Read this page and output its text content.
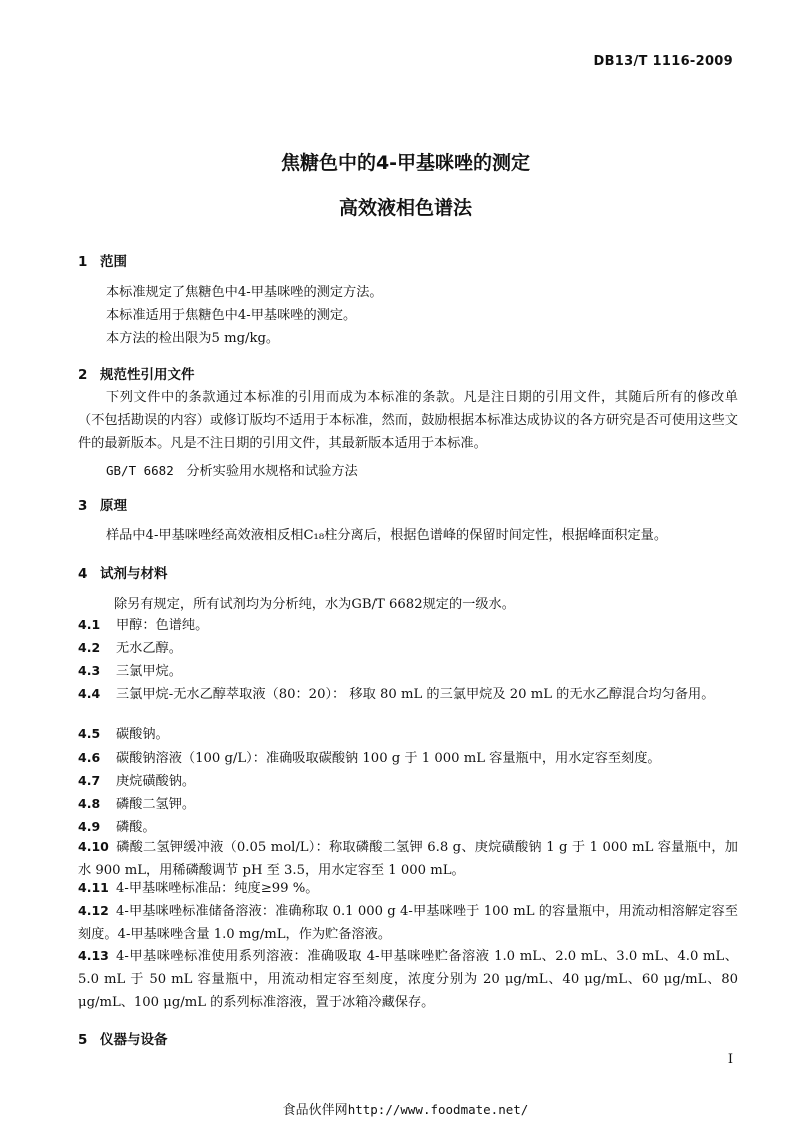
DB13/T 1116-2009
焦糖色中的4-甲基咪唑的测定
高效液相色谱法
1 范围
本标准规定了焦糖色中4-甲基咪唑的测定方法。
本标准适用于焦糖色中4-甲基咪唑的测定。
本方法的检出限为5 mg/kg。
2 规范性引用文件
下列文件中的条款通过本标准的引用而成为本标准的条款。凡是注日期的引用文件，其随后所有的修改单（不包括勘误的内容）或修订版均不适用于本标准，然而，鼓励根据本标准达成协议的各方研究是否可使用这些文件的最新版本。凡是不注日期的引用文件，其最新版本适用于本标准。
GB/T 6682 分析实验用水规格和试验方法
3 原理
样品中4-甲基咪唑经高效液相反相C₁₈柱分离后，根据色谱峰的保留时间定性，根据峰面积定量。
4 试剂与材料
除另有规定，所有试剂均为分析纯，水为GB/T 6682规定的一级水。
4.1 甲醇：色谱纯。
4.2 无水乙醇。
4.3 三氯甲烷。
4.4 三氯甲烷-无水乙醇萃取液（80：20）： 移取 80 mL 的三氯甲烷及 20 mL 的无水乙醇混合均匀备用。
4.5 碳酸钠。
4.6 碳酸钠溶液（100 g/L）：准确吸取碳酸钠 100 g 于 1 000 mL 容量瓶中，用水定容至刻度。
4.7 庚烷磺酸钠。
4.8 磷酸二氢钾。
4.9 磷酸。
4.10 磷酸二氢钾缓冲液（0.05 mol/L）：称取磷酸二氢钾 6.8 g、庚烷磺酸钠 1 g 于 1 000 mL 容量瓶中，加水 900 mL，用稀磷酸调节 pH 至 3.5，用水定容至 1 000 mL。
4.11 4-甲基咪唑标准品：纯度≥99 %。
4.12 4-甲基咪唑标准储备溶液：准确称取 0.1 000 g 4-甲基咪唑于 100 mL 的容量瓶中，用流动相溶解定容至刻度。4-甲基咪唑含量 1.0 mg/mL，作为贮备溶液。
4.13 4-甲基咪唑标准使用系列溶液：准确吸取 4-甲基咪唑贮备溶液 1.0 mL、2.0 mL、3.0 mL、4.0 mL、5.0 mL 于 50 mL 容量瓶中，用流动相定容至刻度，浓度分别为 20 μg/mL、40 μg/mL、60 μg/mL、80 μg/mL、100 μg/mL 的系列标准溶液，置于冰箱冷藏保存。
5 仪器与设备
I
食品伙伴网http://www.foodmate.net/
